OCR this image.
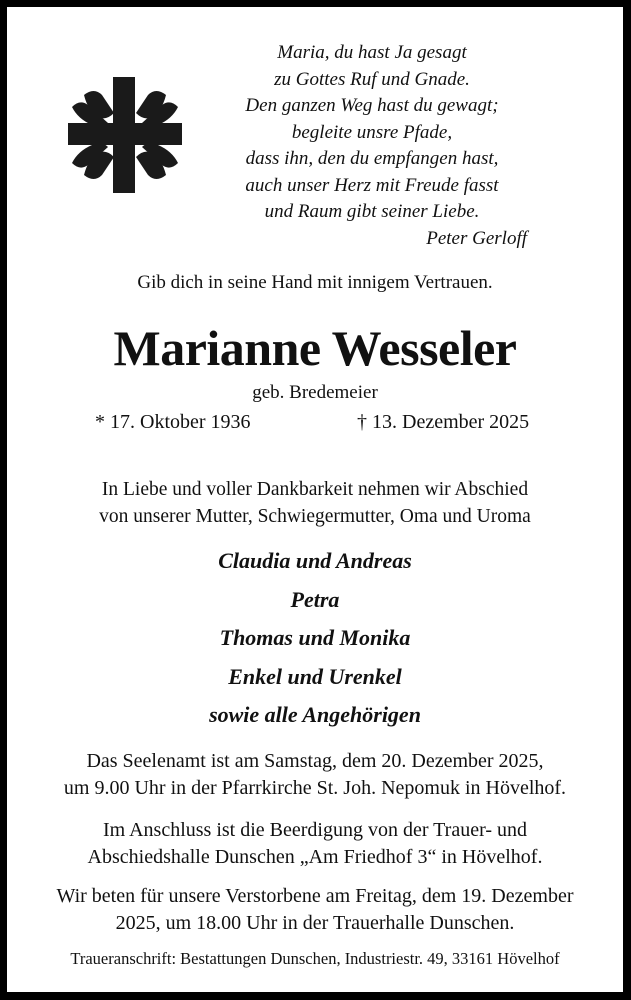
Maria, du hast Ja gesagt
zu Gottes Ruf und Gnade.
Den ganzen Weg hast du gewagt;
begleite unsre Pfade,
dass ihn, den du empfangen hast,
auch unser Herz mit Freude fasst
und Raum gibt seiner Liebe.
Peter Gerloff
Gib dich in seine Hand mit innigem Vertrauen.
Marianne Wesseler
geb. Bredemeier
* 17. Oktober 1936	† 13. Dezember 2025
In Liebe und voller Dankbarkeit nehmen wir Abschied
von unserer Mutter, Schwiegermutter, Oma und Uroma
Claudia und Andreas
Petra
Thomas und Monika
Enkel und Urenkel
sowie alle Angehörigen
Das Seelenamt ist am Samstag, dem 20. Dezember 2025,
um 9.00 Uhr in der Pfarrkirche St. Joh. Nepomuk in Hövelhof.
Im Anschluss ist die Beerdigung von der Trauer- und
Abschiedshalle Dunschen „Am Friedhof 3“ in Hövelhof.
Wir beten für unsere Verstorbene am Freitag, dem 19. Dezember
2025, um 18.00 Uhr in der Trauerhalle Dunschen.
Traueranschrift: Bestattungen Dunschen, Industriestr. 49, 33161 Hövelhof
